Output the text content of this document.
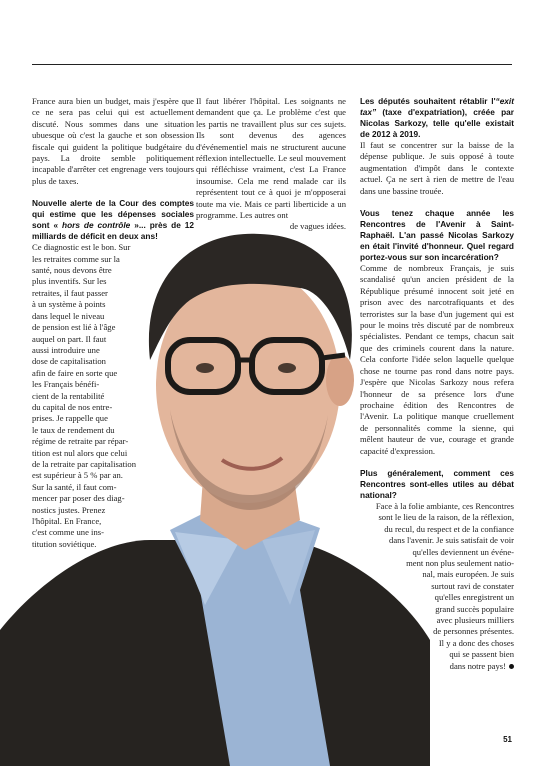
France aura bien un budget, mais j'espère que ce ne sera pas celui qui est actuellement discuté. Nous sommes dans une situation ubuesque où c'est la gauche et son obsession fiscale qui guident la politique budgétaire du pays. La droite semble politiquement incapable d'arrêter cet engrenage vers toujours plus de taxes.

Nouvelle alerte de la Cour des comptes qui estime que les dépenses sociales sont « hors de contrôle »... près de 12 milliards de déficit en deux ans!

Ce diagnostic est le bon. Sur
les retraites comme sur la
santé, nous devons être
plus inventifs. Sur les
retraites, il faut passer
à un système à points
dans lequel le niveau
de pension est lié à l'âge
auquel on part. Il faut
aussi introduire une
dose de capitalisation
afin de faire en sorte que
les Français bénéfi-
cient de la rentabilité
du capital de nos entre-
prises. Je rappelle que
le taux de rendement du
régime de retraite par répar-
tition est nul alors que celui
de la retraite par capitalisation
est supérieur à 5 % par an.
Sur la santé, il faut com-
mencer par poser des diag-
nostics justes. Prenez
l'hôpital. En France,
c'est comme une ins-
titution soviétique.

Il faut libérer l'hôpital. Les soignants ne demandent que ça. Le problème c'est que les partis ne travaillent plus sur ces sujets. Ils sont devenus des agences d'événementiel mais ne structurent aucune réflexion intellectuelle. Le seul mouvement qui réfléchisse vraiment, c'est La France insoumise. Cela me rend malade car ils représentent tout ce à quoi je m'opposerai toute ma vie. Mais ce parti liberticide a un programme. Les autres ont

de vagues idées.

Les députés souhaitent rétablir l'“exit tax” (taxe d'expatriation), créée par Nicolas Sarkozy, telle qu'elle existait de 2012 à 2019.

Il faut se concentrer sur la baisse de la dépense publique. Je suis opposé à toute augmentation d'impôt dans le contexte actuel. Ça ne sert à rien de mettre de l'eau dans une bassine trouée.

Vous tenez chaque année les Rencontres de l'Avenir à Saint-Raphaël. L'an passé Nicolas Sarkozy en était l'invité d'honneur. Quel regard portez-vous sur son incarcération?

Comme de nombreux Français, je suis scandalisé qu'un ancien président de la République présumé innocent soit jeté en prison avec des narcotrafiquants et des terroristes sur la base d'un jugement qui est pour le moins très discuté par de nombreux spécialistes. Pendant ce temps, chacun sait que des criminels courent dans la nature. Cela conforte l'idée selon laquelle quelque chose ne tourne pas rond dans notre pays. J'espère que Nicolas Sarkozy nous refera l'honneur de sa présence lors d'une prochaine édition des Rencontres de l'Avenir. La politique manque cruellement de personnalités comme la sienne, qui mêlent hauteur de vue, courage et grande capacité d'expression.

Plus généralement, comment ces Rencontres sont-elles utiles au débat national?

Face à la folie ambiante, ces Rencontres
sont le lieu de la raison, de la réflexion,
du recul, du respect et de la confiance
dans l'avenir. Je suis satisfait de voir
qu'elles deviennent un événe-
ment non plus seulement natio-
nal, mais européen. Je suis
surtout ravi de constater
qu'elles enregistrent un
grand succès populaire
avec plusieurs milliers
de personnes présentes.
Il y a donc des choses
qui se passent bien
dans notre pays!
51
